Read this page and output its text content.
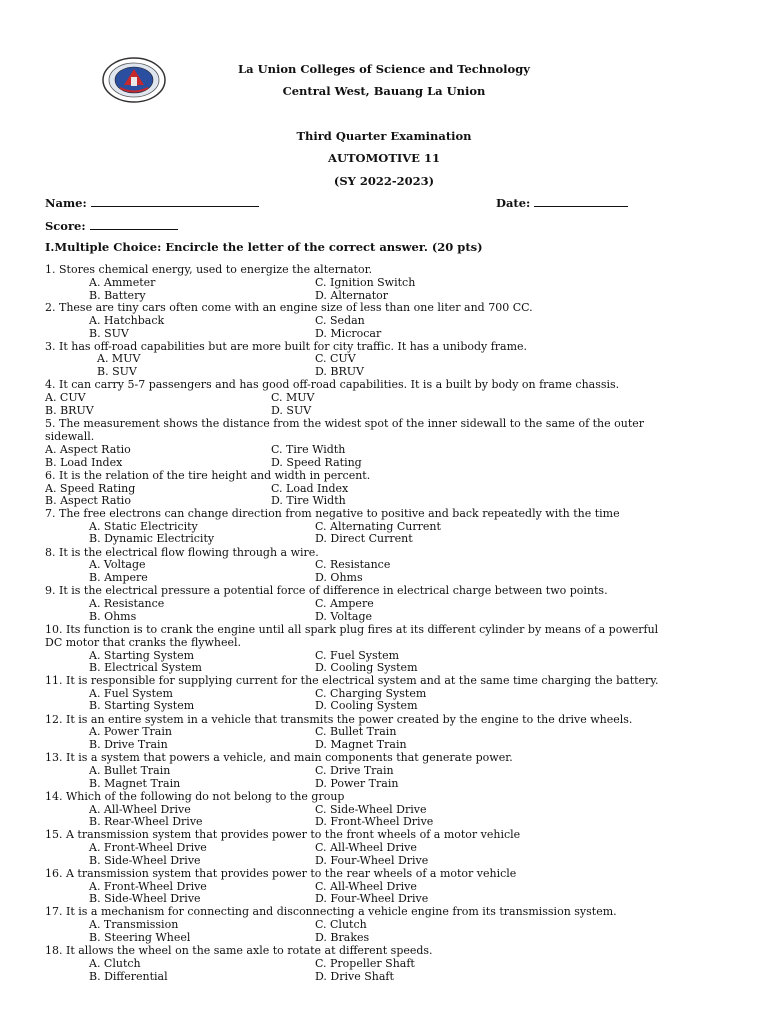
La Union Colleges of Science and Technology
Central West, Bauang La Union
Third Quarter Examination
AUTOMOTIVE 11
(SY 2022-2023)
Name:	Date:
Score:
I.Multiple Choice: Encircle the letter of the correct answer. (20 pts)
1. Stores chemical energy, used to energize the alternator.
A. Ammeter	C. Ignition Switch
B. Battery	D. Alternator
2. These are tiny cars often come with an engine size of less than one liter and 700 CC.
A. Hatchback	C. Sedan
B. SUV	D. Microcar
3. It has off-road capabilities but are more built for city traffic. It has a unibody frame.
A. MUV	C. CUV
B. SUV	D. BRUV
4. It can carry 5-7 passengers and has good off-road capabilities. It is a built by body on frame chassis.
A. CUV	C. MUV
B. BRUV	D. SUV
5. The measurement shows the distance from the widest spot of the inner sidewall to the same of the outer
sidewall.
A. Aspect Ratio	C. Tire Width
B. Load Index	D. Speed Rating
6. It is the relation of the tire height and width in percent.
A. Speed Rating	C. Load Index
B. Aspect Ratio	D. Tire Width
7. The free electrons can change direction from negative to positive and back repeatedly with the time
A. Static Electricity	C. Alternating Current
B. Dynamic Electricity	D. Direct Current
8. It is the electrical flow flowing through a wire.
A. Voltage	C. Resistance
B. Ampere	D. Ohms
9. It is the electrical pressure a potential force of difference in electrical charge between two points.
A. Resistance	C. Ampere
B. Ohms	D. Voltage
10. Its function is to crank the engine until all spark plug fires at its different cylinder by means of a powerful
DC motor that cranks the flywheel.
A. Starting System	C. Fuel System
B. Electrical System	D. Cooling System
11. It is responsible for supplying current for the electrical system and at the same time charging the battery.
A. Fuel System	C. Charging System
B. Starting System	D. Cooling System
12. It is an entire system in a vehicle that transmits the power created by the engine to the drive wheels.
A. Power Train	C. Bullet Train
B. Drive Train	D. Magnet Train
13. It is a system that powers a vehicle, and main components that generate power.
A. Bullet Train	C. Drive Train
B. Magnet Train	D. Power Train
14. Which of the following do not belong to the group
A. All-Wheel Drive	C. Side-Wheel Drive
B. Rear-Wheel Drive	D. Front-Wheel Drive
15. A transmission system that provides power to the front wheels of a motor vehicle
A. Front-Wheel Drive	C. All-Wheel Drive
B. Side-Wheel Drive	D. Four-Wheel Drive
16. A transmission system that provides power to the rear wheels of a motor vehicle
A. Front-Wheel Drive	C. All-Wheel Drive
B. Side-Wheel Drive	D. Four-Wheel Drive
17. It is a mechanism for connecting and disconnecting a vehicle engine from its transmission system.
A. Transmission	C. Clutch
B. Steering Wheel	D. Brakes
18. It allows the wheel on the same axle to rotate at different speeds.
A. Clutch	C. Propeller Shaft
B. Differential	D. Drive Shaft
